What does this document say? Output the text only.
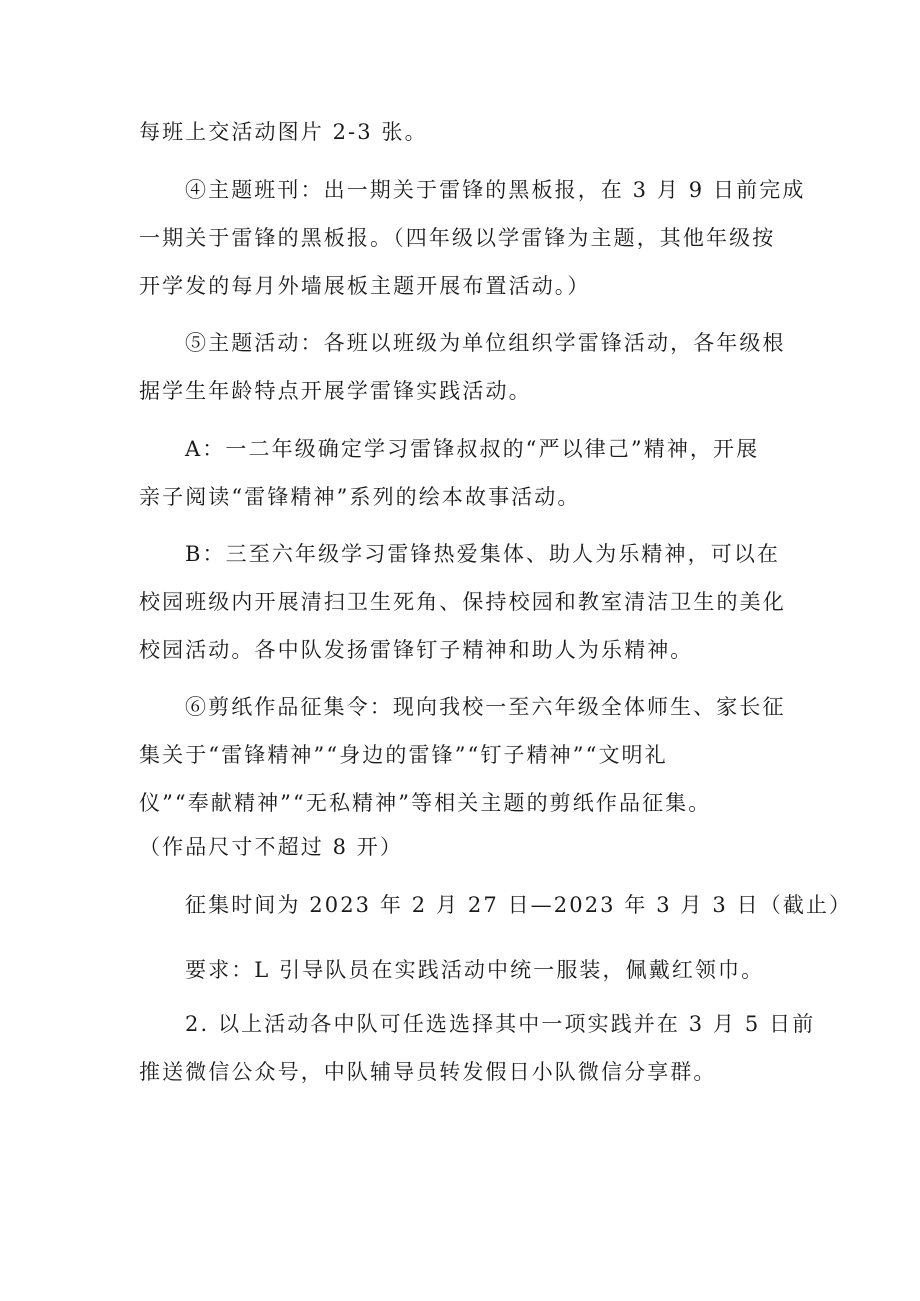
每班上交活动图片 2-3 张。
④主题班刊：出一期关于雷锋的黑板报，在 3 月 9 日前完成
一期关于雷锋的黑板报。（四年级以学雷锋为主题，其他年级按
开学发的每月外墙展板主题开展布置活动。）
⑤主题活动：各班以班级为单位组织学雷锋活动，各年级根
据学生年龄特点开展学雷锋实践活动。
A：一二年级确定学习雷锋叔叔的“严以律己”精神，开展
亲子阅读“雷锋精神”系列的绘本故事活动。
B：三至六年级学习雷锋热爱集体、助人为乐精神，可以在
校园班级内开展清扫卫生死角、保持校园和教室清洁卫生的美化
校园活动。各中队发扬雷锋钉子精神和助人为乐精神。
⑥剪纸作品征集令：现向我校一至六年级全体师生、家长征
集关于“雷锋精神”“身边的雷锋”“钉子精神”“文明礼
仪”“奉献精神”“无私精神”等相关主题的剪纸作品征集。
（作品尺寸不超过 8 开）
征集时间为 2023 年 2 月 27 日—2023 年 3 月 3 日（截止）
要求：L 引导队员在实践活动中统一服装，佩戴红领巾。
2. 以上活动各中队可任选选择其中一项实践并在 3 月 5 日前
推送微信公众号，中队辅导员转发假日小队微信分享群。
